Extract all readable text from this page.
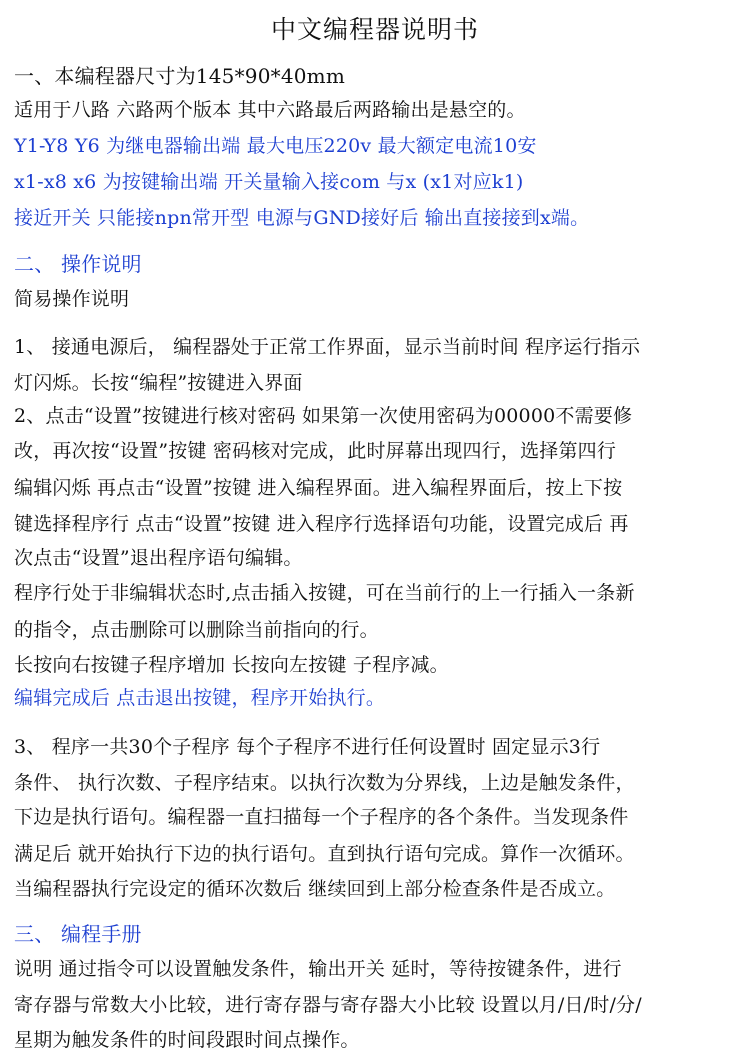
中文编程器说明书
一、本编程器尺寸为145*90*40mm
适用于八路 六路两个版本 其中六路最后两路输出是悬空的。
Y1-Y8 Y6 为继电器输出端 最大电压220v 最大额定电流10安
x1-x8 x6 为按键输出端 开关量输入接com 与x (x1对应k1)
接近开关 只能接npn常开型 电源与GND接好后 输出直接接到x端。
二、 操作说明
简易操作说明
1、 接通电源后， 编程器处于正常工作界面，显示当前时间 程序运行指示
灯闪烁。长按“编程”按键进入界面
2、点击“设置”按键进行核对密码 如果第一次使用密码为00000不需要修
改，再次按“设置”按键 密码核对完成，此时屏幕出现四行，选择第四行
编辑闪烁 再点击“设置”按键 进入编程界面。进入编程界面后，按上下按
键选择程序行 点击“设置”按键 进入程序行选择语句功能，设置完成后 再
次点击“设置”退出程序语句编辑。
程序行处于非编辑状态时,点击插入按键，可在当前行的上一行插入一条新
的指令，点击删除可以删除当前指向的行。
长按向右按键子程序增加 长按向左按键 子程序减。
编辑完成后 点击退出按键，程序开始执行。
3、 程序一共30个子程序 每个子程序不进行任何设置时 固定显示3行
条件、 执行次数、子程序结束。以执行次数为分界线，上边是触发条件，
下边是执行语句。编程器一直扫描每一个子程序的各个条件。当发现条件
满足后 就开始执行下边的执行语句。直到执行语句完成。算作一次循环。
当编程器执行完设定的循环次数后 继续回到上部分检查条件是否成立。
三、 编程手册
说明 通过指令可以设置触发条件，输出开关 延时，等待按键条件，进行
寄存器与常数大小比较，进行寄存器与寄存器大小比较 设置以月/日/时/分/
星期为触发条件的时间段跟时间点操作。
